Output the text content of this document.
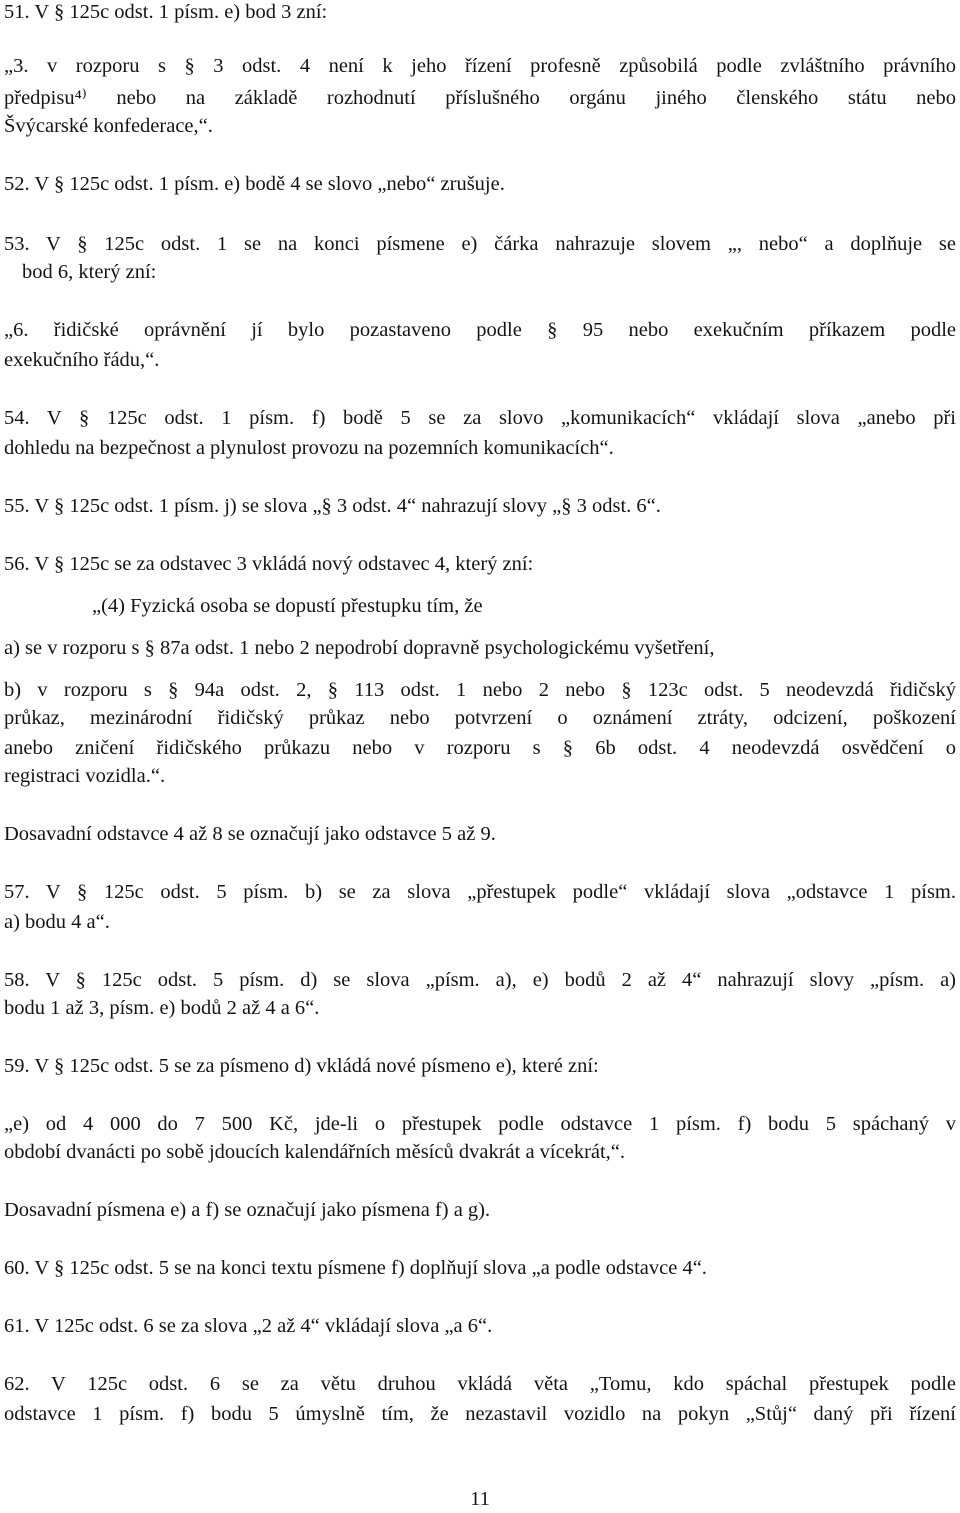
51. V § 125c odst. 1 písm. e) bod 3 zní:
„3. v rozporu s § 3 odst. 4 není k jeho řízení profesně způsobilá podle zvláštního právního
předpisu⁴⁾ nebo na základě rozhodnutí příslušného orgánu jiného členského státu nebo
Švýcarské konfederace,“.
52. V § 125c odst. 1 písm. e) bodě 4 se slovo „nebo“ zrušuje.
53. V § 125c odst. 1 se na konci písmene e) čárka nahrazuje slovem „, nebo“ a doplňuje se
bod 6, který zní:
„6. řidičské oprávnění jí bylo pozastaveno podle § 95 nebo exekučním příkazem podle
exekučního řádu,“.
54. V § 125c odst. 1 písm. f) bodě 5 se za slovo „komunikacích“ vkládají slova „anebo při
dohledu na bezpečnost a plynulost provozu na pozemních komunikacích“.
55. V § 125c odst. 1 písm. j) se slova „§ 3 odst. 4“ nahrazují slovy „§ 3 odst. 6“.
56. V § 125c se za odstavec 3 vkládá nový odstavec 4, který zní:
„(4) Fyzická osoba se dopustí přestupku tím, že
a) se v rozporu s § 87a odst. 1 nebo 2 nepodrobí dopravně psychologickému vyšetření,
b) v rozporu s § 94a odst. 2, § 113 odst. 1 nebo 2 nebo § 123c odst. 5 neodevzdá řidičský
průkaz, mezinárodní řidičský průkaz nebo potvrzení o oznámení ztráty, odcizení, poškození
anebo zničení řidičského průkazu nebo v rozporu s § 6b odst. 4 neodevzdá osvědčení o
registraci vozidla.“.
Dosavadní odstavce 4 až 8 se označují jako odstavce 5 až 9.
57. V § 125c odst. 5 písm. b) se za slova „přestupek podle“ vkládají slova „odstavce 1 písm.
a) bodu 4 a“.
58. V § 125c odst. 5 písm. d) se slova „písm. a), e) bodů 2 až 4“ nahrazují slovy „písm. a)
bodu 1 až 3, písm. e) bodů 2 až 4 a 6“.
59. V § 125c odst. 5 se za písmeno d) vkládá nové písmeno e), které zní:
„e) od 4 000 do 7 500 Kč, jde-li o přestupek podle odstavce 1 písm. f) bodu 5 spáchaný v
období dvanácti po sobě jdoucích kalendářních měsíců dvakrát a vícekrát,“.
Dosavadní písmena e) a f) se označují jako písmena f) a g).
60. V § 125c odst. 5 se na konci textu písmene f) doplňují slova „a podle odstavce 4“.
61. V 125c odst. 6 se za slova „2 až 4“ vkládají slova „a 6“.
62. V 125c odst. 6 se za větu druhou vkládá věta „Tomu, kdo spáchal přestupek podle
odstavce 1 písm. f) bodu 5 úmyslně tím, že nezastavil vozidlo na pokyn „Stůj“ daný při řízení
11
